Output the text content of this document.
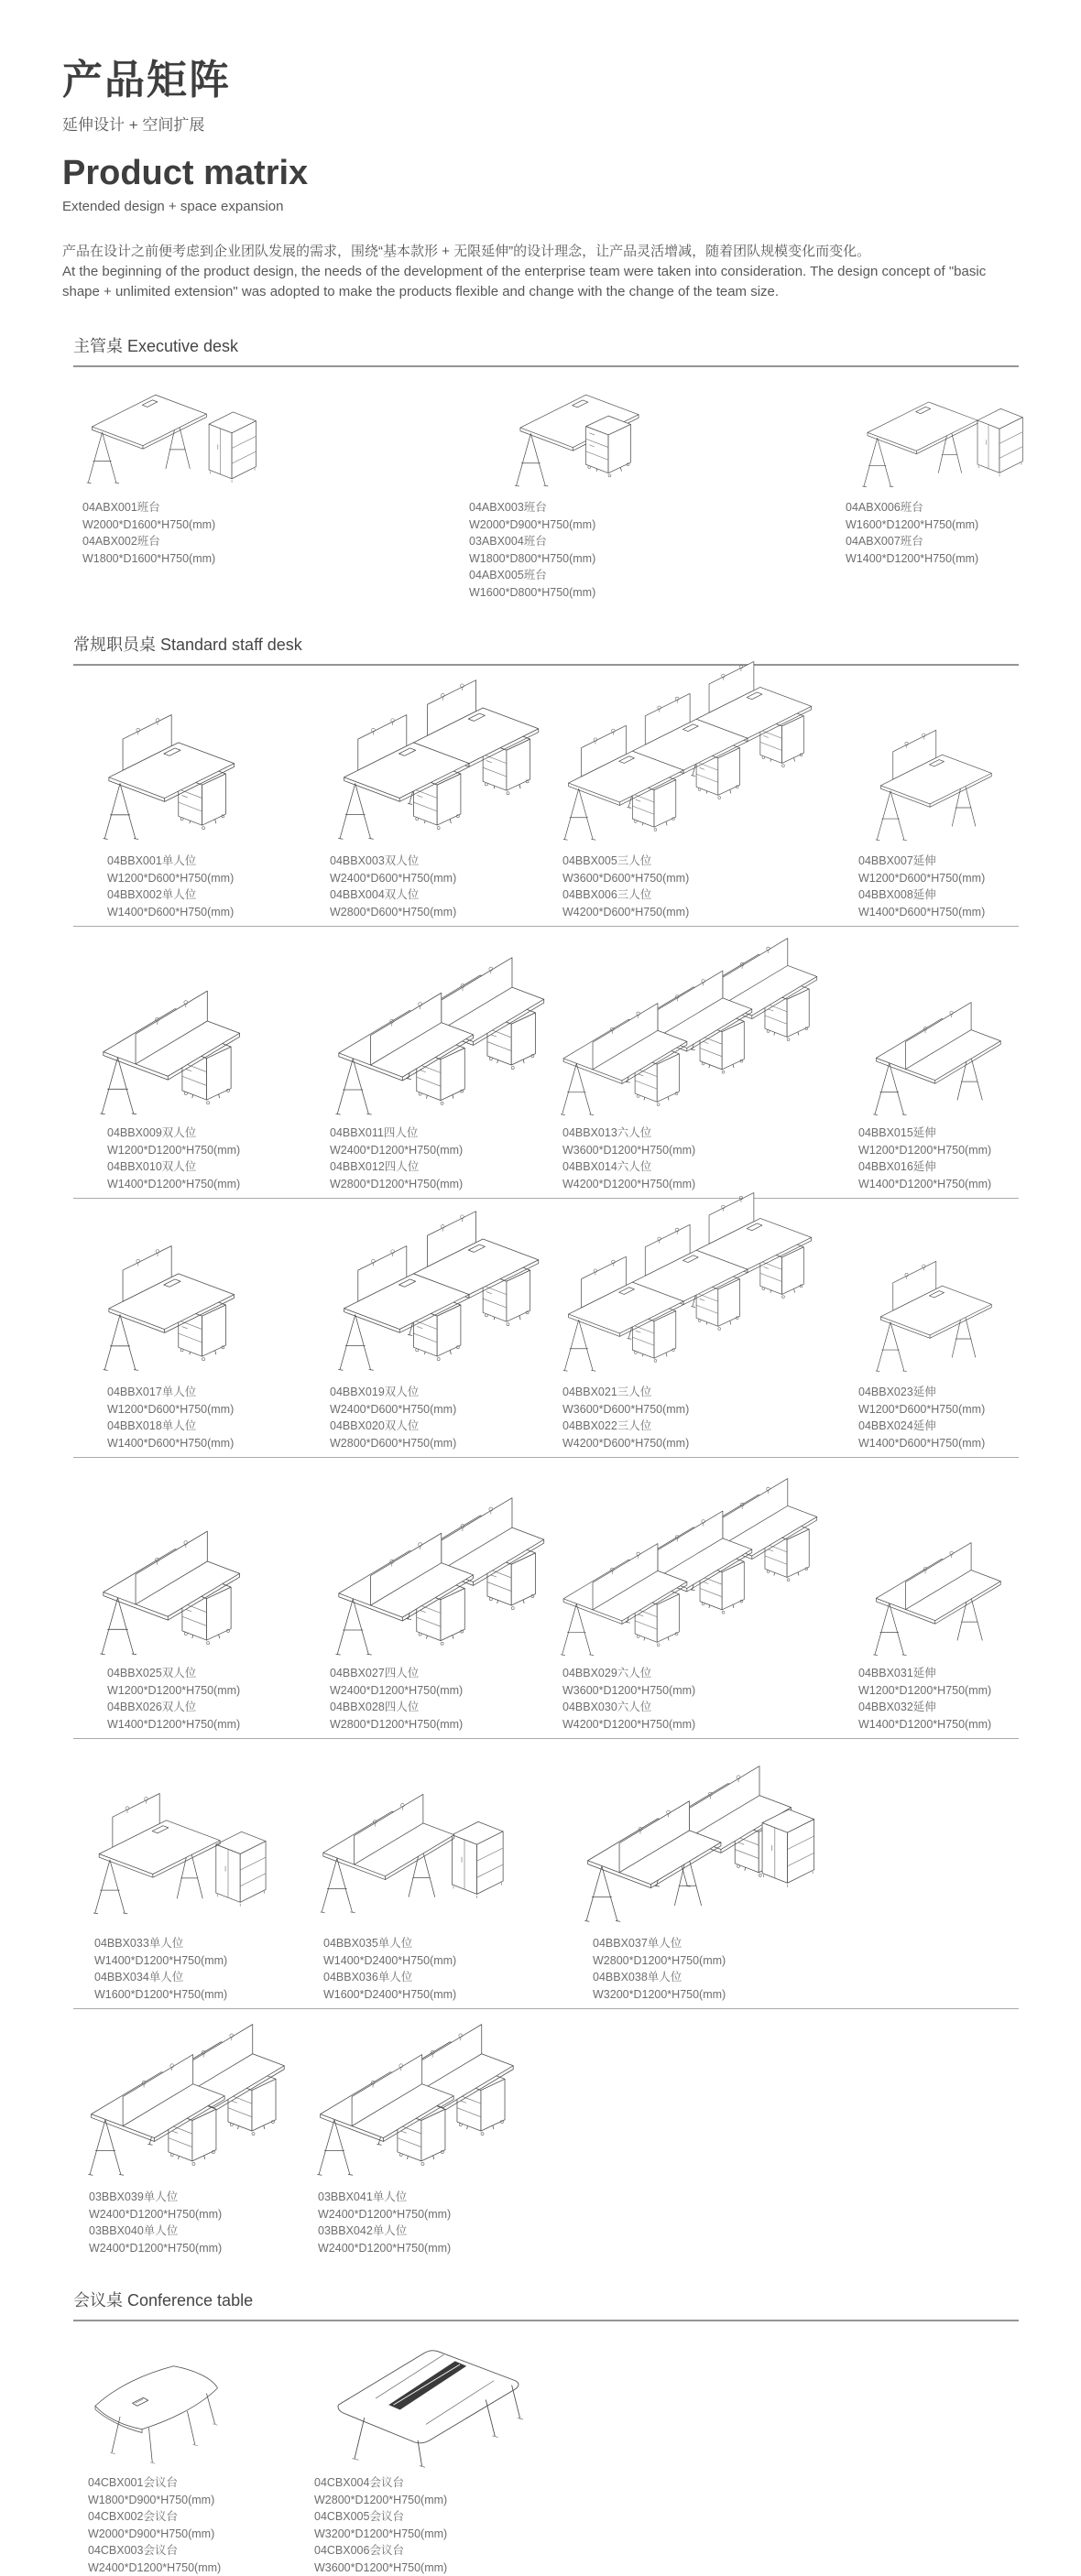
产品矩阵
延伸设计 + 空间扩展
Product matrix
Extended design + space expansion

产品在设计之前便考虑到企业团队发展的需求，围绕“基本款形 + 无限延伸”的设计理念，让产品灵活增减，随着团队规模变化而变化。

At the beginning of the product design, the needs of the development of the enterprise team were taken into consideration. The design concept of "basic shape + unlimited extension" was adopted to make the products flexible and change with the change of the team size.

主管桌 Executive desk
04ABX001班台
W2000*D1600*H750(mm)
04ABX002班台
W1800*D1600*H750(mm)
04ABX003班台
W2000*D900*H750(mm)
03ABX004班台
W1800*D800*H750(mm)
04ABX005班台
W1600*D800*H750(mm)
04ABX006班台
W1600*D1200*H750(mm)
04ABX007班台
W1400*D1200*H750(mm)
常规职员桌 Standard staff desk
04BBX001单人位
W1200*D600*H750(mm)
04BBX002单人位
W1400*D600*H750(mm)
04BBX003双人位
W2400*D600*H750(mm)
04BBX004双人位
W2800*D600*H750(mm)
04BBX005三人位
W3600*D600*H750(mm)
04BBX006三人位
W4200*D600*H750(mm)
04BBX007延伸
W1200*D600*H750(mm)
04BBX008延伸
W1400*D600*H750(mm)
04BBX009双人位
W1200*D1200*H750(mm)
04BBX010双人位
W1400*D1200*H750(mm)
04BBX011四人位
W2400*D1200*H750(mm)
04BBX012四人位
W2800*D1200*H750(mm)
04BBX013六人位
W3600*D1200*H750(mm)
04BBX014六人位
W4200*D1200*H750(mm)
04BBX015延伸
W1200*D1200*H750(mm)
04BBX016延伸
W1400*D1200*H750(mm)
04BBX017单人位
W1200*D600*H750(mm)
04BBX018单人位
W1400*D600*H750(mm)
04BBX019双人位
W2400*D600*H750(mm)
04BBX020双人位
W2800*D600*H750(mm)
04BBX021三人位
W3600*D600*H750(mm)
04BBX022三人位
W4200*D600*H750(mm)
04BBX023延伸
W1200*D600*H750(mm)
04BBX024延伸
W1400*D600*H750(mm)
04BBX025双人位
W1200*D1200*H750(mm)
04BBX026双人位
W1400*D1200*H750(mm)
04BBX027四人位
W2400*D1200*H750(mm)
04BBX028四人位
W2800*D1200*H750(mm)
04BBX029六人位
W3600*D1200*H750(mm)
04BBX030六人位
W4200*D1200*H750(mm)
04BBX031延伸
W1200*D1200*H750(mm)
04BBX032延伸
W1400*D1200*H750(mm)
04BBX033单人位
W1400*D1200*H750(mm)
04BBX034单人位
W1600*D1200*H750(mm)
04BBX035单人位
W1400*D2400*H750(mm)
04BBX036单人位
W1600*D2400*H750(mm)
04BBX037单人位
W2800*D1200*H750(mm)
04BBX038单人位
W3200*D1200*H750(mm)
03BBX039单人位
W2400*D1200*H750(mm)
03BBX040单人位
W2400*D1200*H750(mm)
03BBX041单人位
W2400*D1200*H750(mm)
03BBX042单人位
W2400*D1200*H750(mm)
会议桌 Conference table
04CBX001会议台
W1800*D900*H750(mm)
04CBX002会议台
W2000*D900*H750(mm)
04CBX003会议台
W2400*D1200*H750(mm)
04CBX004会议台
W2800*D1200*H750(mm)
04CBX005会议台
W3200*D1200*H750(mm)
04CBX006会议台
W3600*D1200*H750(mm)
